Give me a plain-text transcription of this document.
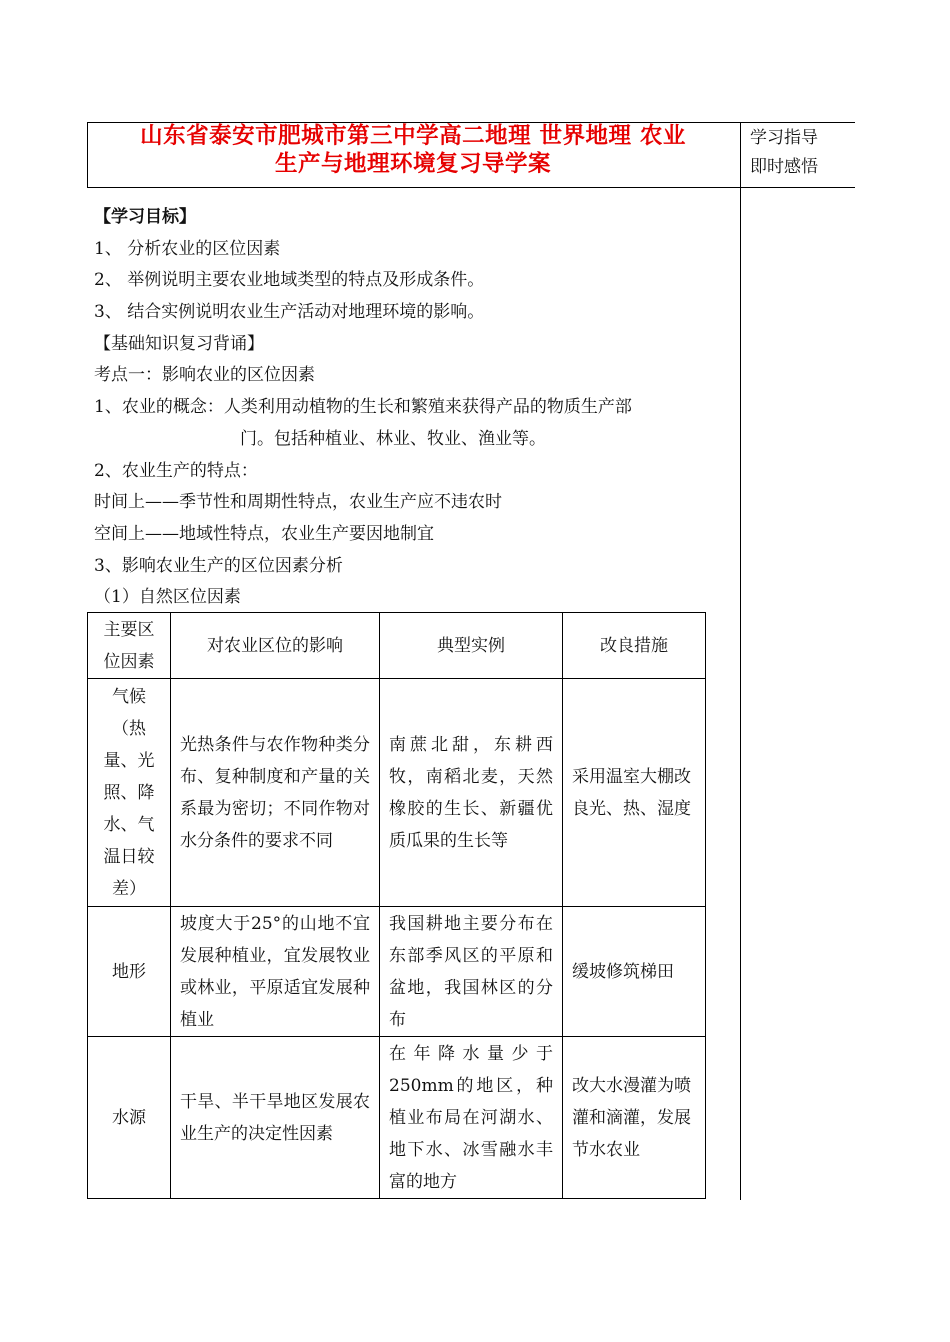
山东省泰安市肥城市第三中学高二地理 世界地理 农业
生产与地理环境复习导学案
学习指导
即时感悟
【学习目标】
1、 分析农业的区位因素
2、 举例说明主要农业地域类型的特点及形成条件。
3、 结合实例说明农业生产活动对地理环境的影响。
【基础知识复习背诵】
考点一：影响农业的区位因素
1、农业的概念：人类利用动植物的生长和繁殖来获得产品的物质生产部
门。包括种植业、林业、牧业、渔业等。
2、农业生产的特点：
时间上——季节性和周期性特点，农业生产应不违农时
空间上——地域性特点，农业生产要因地制宜
3、影响农业生产的区位因素分析
（1）自然区位因素
主要区位因素	对农业区位的影响	典型实例	改良措施
气候（热量、光照、降水、气温日较差）	光热条件与农作物种类分布、复种制度和产量的关系最为密切；不同作物对水分条件的要求不同	南蔗北甜，东耕西牧，南稻北麦，天然橡胶的生长、新疆优质瓜果的生长等	采用温室大棚改良光、热、湿度
地形	坡度大于25°的山地不宜发展种植业，宜发展牧业或林业，平原适宜发展种植业	我国耕地主要分布在东部季风区的平原和盆地，我国林区的分布	缓坡修筑梯田
水源	干旱、半干旱地区发展农业生产的决定性因素	在年降水量少于250mm的地区，种植业布局在河湖水、地下水、冰雪融水丰富的地方	改大水漫灌为喷灌和滴灌，发展节水农业
